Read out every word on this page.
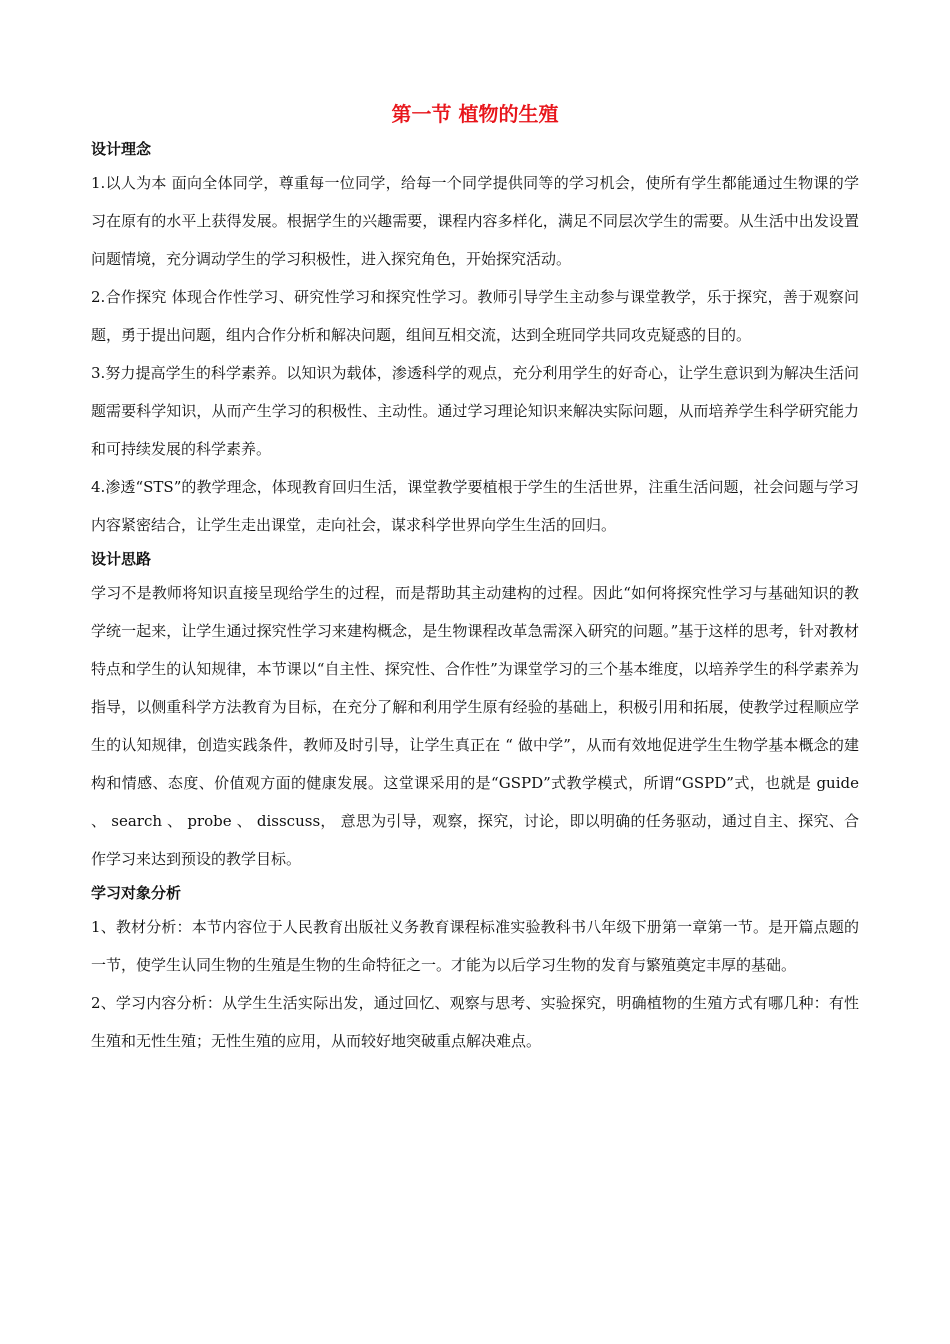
第一节 植物的生殖

设计理念

1.以人为本 面向全体同学，尊重每一位同学，给每一个同学提供同等的学习机会，使所有学生都能通过生物课的学习在原有的水平上获得发展。根据学生的兴趣需要，课程内容多样化，满足不同层次学生的需要。从生活中出发设置问题情境，充分调动学生的学习积极性，进入探究角色，开始探究活动。

2.合作探究 体现合作性学习、研究性学习和探究性学习。教师引导学生主动参与课堂教学，乐于探究，善于观察问题，勇于提出问题，组内合作分析和解决问题，组间互相交流，达到全班同学共同攻克疑惑的目的。

3.努力提高学生的科学素养。以知识为载体，渗透科学的观点，充分利用学生的好奇心，让学生意识到为解决生活问题需要科学知识，从而产生学习的积极性、主动性。通过学习理论知识来解决实际问题，从而培养学生科学研究能力和可持续发展的科学素养。

4.渗透“STS”的教学理念，体现教育回归生活，课堂教学要植根于学生的生活世界，注重生活问题，社会问题与学习内容紧密结合，让学生走出课堂，走向社会，谋求科学世界向学生生活的回归。

设计思路

学习不是教师将知识直接呈现给学生的过程，而是帮助其主动建构的过程。因此“如何将探究性学习与基础知识的教学统一起来，让学生通过探究性学习来建构概念，是生物课程改革急需深入研究的问题。”基于这样的思考，针对教材特点和学生的认知规律，本节课以“自主性、探究性、合作性”为课堂学习的三个基本维度，以培养学生的科学素养为指导，以侧重科学方法教育为目标，在充分了解和利用学生原有经验的基础上，积极引用和拓展，使教学过程顺应学生的认知规律，创造实践条件，教师及时引导，让学生真正在 “ 做中学”，从而有效地促进学生生物学基本概念的建构和情感、态度、价值观方面的健康发展。这堂课采用的是“GSPD”式教学模式，所谓“GSPD”式，也就是 guide 、 search 、 probe 、 disscuss， 意思为引导，观察，探究，讨论，即以明确的任务驱动，通过自主、探究、合作学习来达到预设的教学目标。

学习对象分析

1、教材分析：本节内容位于人民教育出版社义务教育课程标准实验教科书八年级下册第一章第一节。是开篇点题的一节，使学生认同生物的生殖是生物的生命特征之一。才能为以后学习生物的发育与繁殖奠定丰厚的基础。

2、学习内容分析：从学生生活实际出发，通过回忆、观察与思考、实验探究，明确植物的生殖方式有哪几种：有性生殖和无性生殖；无性生殖的应用，从而较好地突破重点解决难点。
